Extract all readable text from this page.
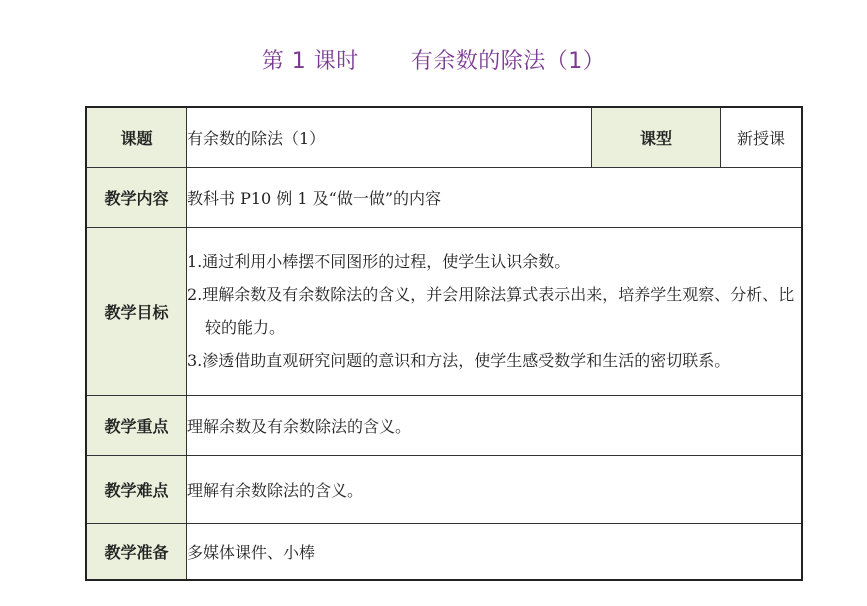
第 1 课时 有余数的除法（1）
课题	有余数的除法（1）	课型	新授课
教学内容	教科书 P10 例 1 及“做一做”的内容		
教学目标	1.通过利用小棒摆不同图形的过程，使学生认识余数。
2.理解余数及有余数除法的含义，并会用除法算式表示出来，培养学生观察、分析、比较的能力。
3.渗透借助直观研究问题的意识和方法，使学生感受数学和生活的密切联系。		

教学重点	理解余数及有余数除法的含义。		
教学难点	理解有余数除法的含义。		
教学准备	多媒体课件、小棒		
